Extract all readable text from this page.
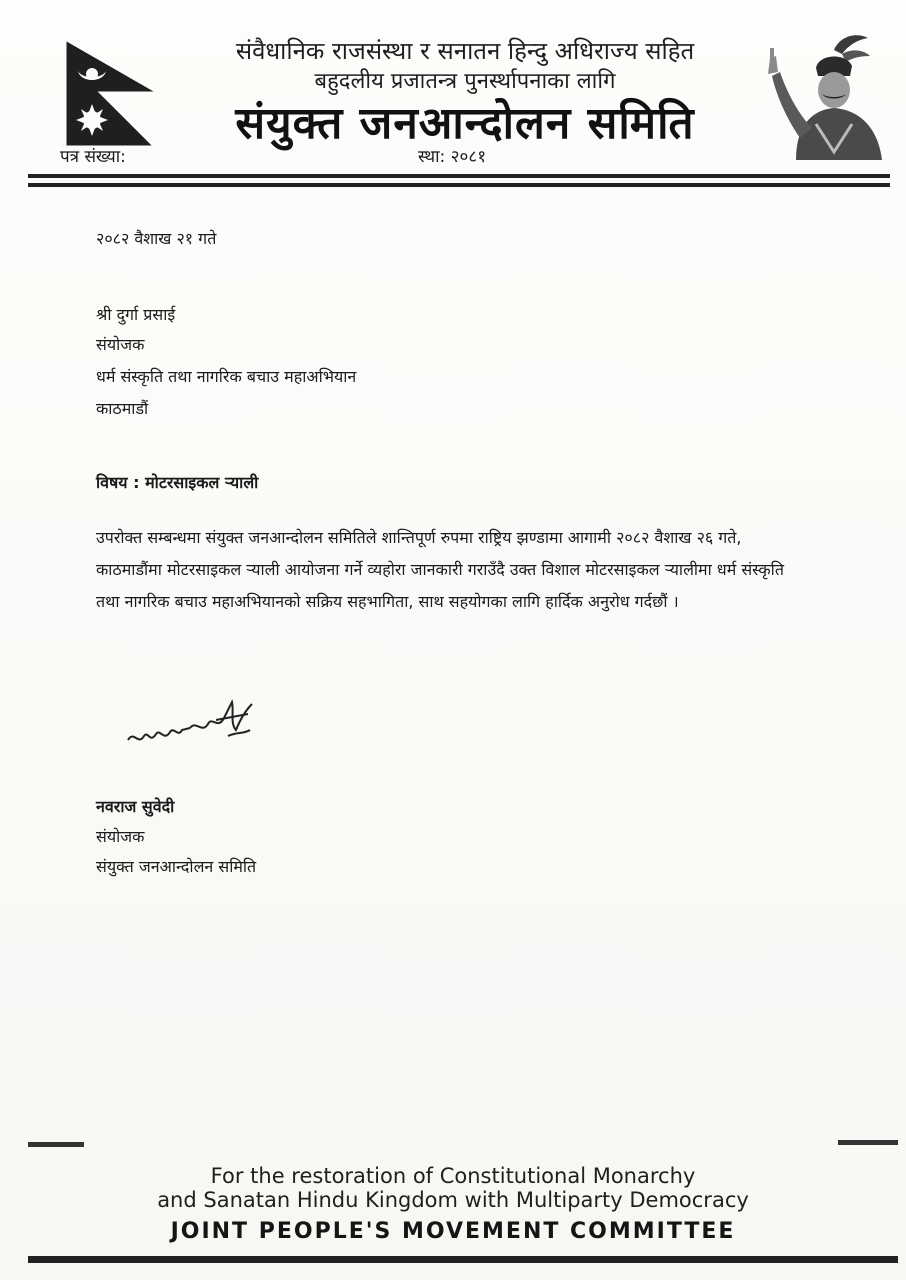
संवैधानिक राजसंस्था र सनातन हिन्दु अधिराज्य सहित
बहुदलीय प्रजातन्त्र पुनर्स्थापनाका लागि
संयुक्त जनआन्दोलन समिति
पत्र संख्या:	स्था: २०८१
२०८२ वैशाख २१ गते
श्री दुर्गा प्रसाई
संयोजक
धर्म संस्कृति तथा नागरिक बचाउ महाअभियान
काठमाडौं
विषय : मोटरसाइकल र्‍याली
उपरोक्त सम्बन्धमा संयुक्त जनआन्दोलन समितिले शान्तिपूर्ण रुपमा राष्ट्रिय झण्डामा आगामी २०८२ वैशाख २६ गते, काठमाडौंमा मोटरसाइकल र्‍याली आयोजना गर्ने व्यहोरा जानकारी गराउँदै उक्त विशाल मोटरसाइकल र्‍यालीमा धर्म संस्कृति तथा नागरिक बचाउ महाअभियानको सक्रिय सहभागिता, साथ सहयोगका लागि हार्दिक अनुरोध गर्दछौं ।
नवराज सुवेदी
संयोजक
संयुक्त जनआन्दोलन समिति
For the restoration of Constitutional Monarchy
and Sanatan Hindu Kingdom with Multiparty Democracy
JOINT PEOPLE'S MOVEMENT COMMITTEE
